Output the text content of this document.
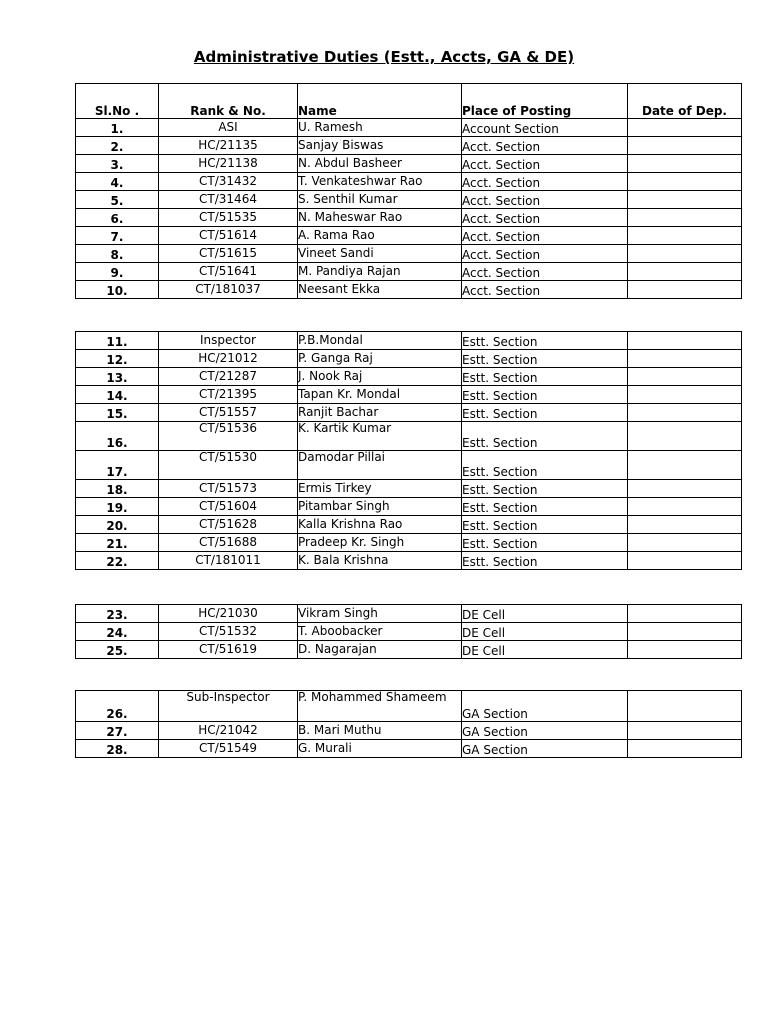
Administrative Duties (Estt., Accts, GA & DE)
Sl.No .	Rank & No.	Name	Place of Posting	Date of Dep.
1.	ASI	U. Ramesh	Account Section	
2.	HC/21135	Sanjay Biswas	Acct. Section	
3.	HC/21138	N. Abdul Basheer	Acct. Section	
4.	CT/31432	T. Venkateshwar Rao	Acct. Section	
5.	CT/31464	S. Senthil Kumar	Acct. Section	
6.	CT/51535	N. Maheswar Rao	Acct. Section	
7.	CT/51614	A. Rama Rao	Acct. Section	
8.	CT/51615	Vineet Sandi	Acct. Section	
9.	CT/51641	M. Pandiya Rajan	Acct. Section	
10.	CT/181037	Neesant Ekka	Acct. Section	
11.	Inspector	P.B.Mondal	Estt. Section	
12.	HC/21012	P. Ganga Raj	Estt. Section	
13.	CT/21287	J. Nook Raj	Estt. Section	
14.	CT/21395	Tapan Kr. Mondal	Estt. Section	
15.	CT/51557	Ranjit Bachar	Estt. Section	
16.	CT/51536	K. Kartik Kumar	Estt. Section	
17.	CT/51530	Damodar Pillai	Estt. Section	
18.	CT/51573	Ermis Tirkey	Estt. Section	
19.	CT/51604	Pitambar Singh	Estt. Section	
20.	CT/51628	Kalla Krishna Rao	Estt. Section	
21.	CT/51688	Pradeep Kr. Singh	Estt. Section	
22.	CT/181011	K. Bala Krishna	Estt. Section	
23.	HC/21030	Vikram Singh	DE Cell	
24.	CT/51532	T. Aboobacker	DE Cell	
25.	CT/51619	D. Nagarajan	DE Cell	
26.	Sub-Inspector	P. Mohammed Shameem	GA Section	
27.	HC/21042	B. Mari Muthu	GA Section	
28.	CT/51549	G. Murali	GA Section	
